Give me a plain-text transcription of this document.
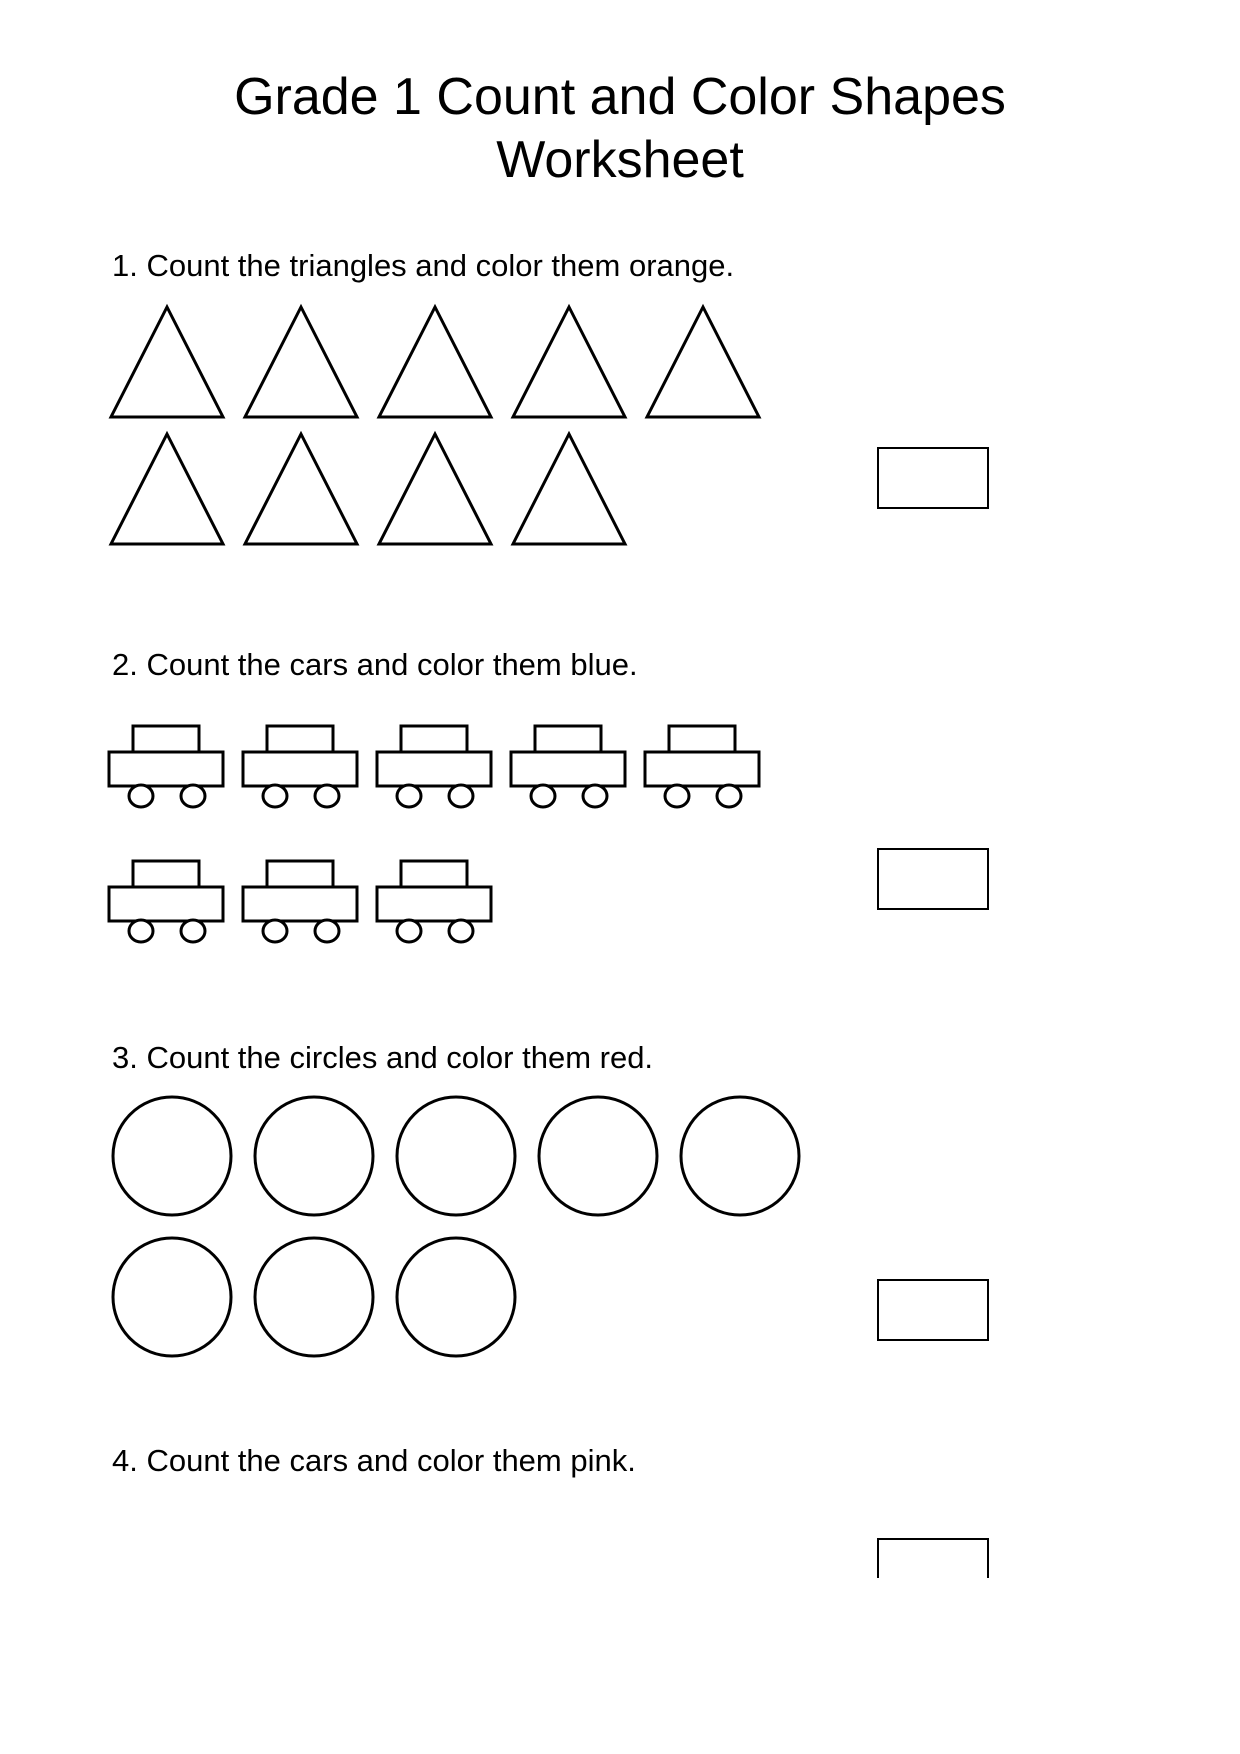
Grade 1 Count and Color Shapes Worksheet

1. Count the triangles and color them orange.

2. Count the cars and color them blue.

3. Count the circles and color them red.

4. Count the cars and color them pink.
